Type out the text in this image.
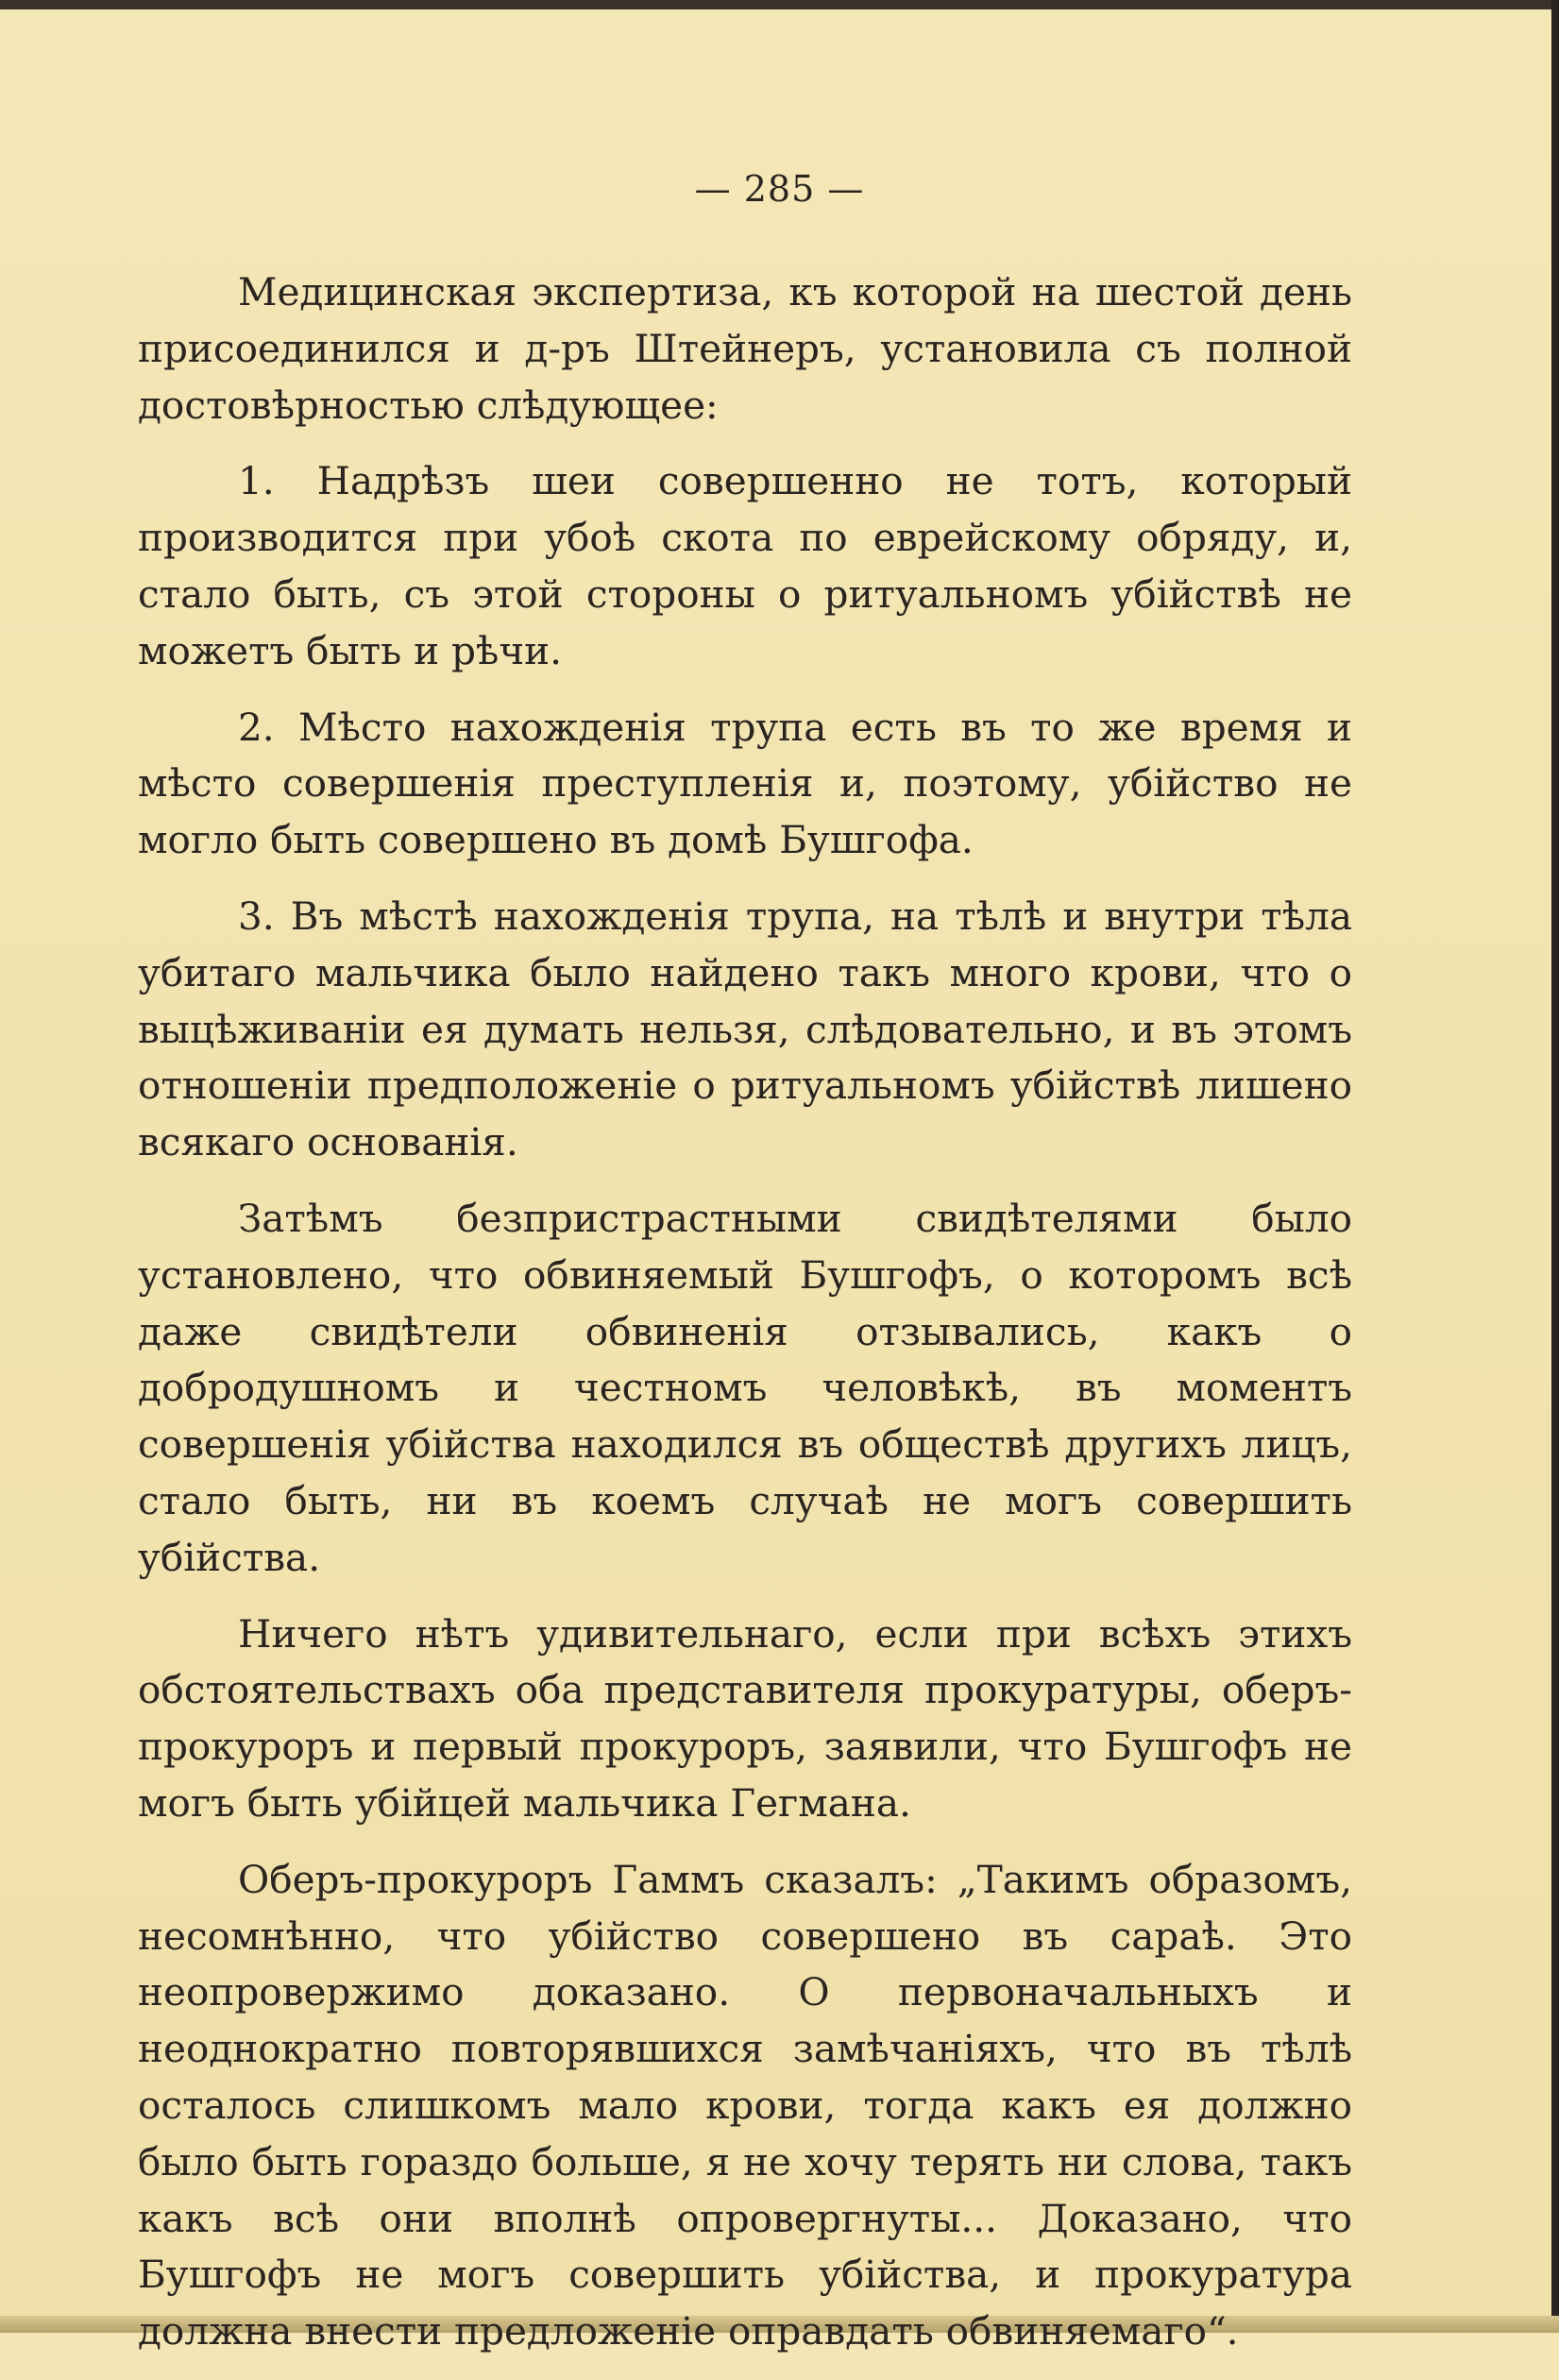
— 285 —

Медицинская экспертиза, къ которой на шестой день присоединился и д-ръ Штейнеръ, установила съ полной достовѣрностью слѣдующее:

1. Надрѣзъ шеи совершенно не тотъ, который производится при убоѣ скота по еврейскому обряду, и, стало быть, съ этой стороны о ритуальномъ убійствѣ не можетъ быть и рѣчи.

2. Мѣсто нахожденія трупа есть въ то же время и мѣсто совершенія преступленія и, поэтому, убійство не могло быть совершено въ домѣ Бушгофа.

3. Въ мѣстѣ нахожденія трупа, на тѣлѣ и внутри тѣла убитаго мальчика было найдено такъ много крови, что о выцѣживаніи ея думать нельзя, слѣдовательно, и въ этомъ отношеніи предположеніе о ритуальномъ убійствѣ лишено всякаго основанія.

Затѣмъ безпристрастными свидѣтелями было установлено, что обвиняемый Бушгофъ, о которомъ всѣ даже свидѣтели обвиненія отзывались, какъ о добродушномъ и честномъ человѣкѣ, въ моментъ совершенія убійства находился въ обществѣ другихъ лицъ, стало быть, ни въ коемъ случаѣ не могъ совершить убійства.

Ничего нѣтъ удивительнаго, если при всѣхъ этихъ обстоятельствахъ оба представителя прокуратуры, оберъ-прокуроръ и первый прокуроръ, заявили, что Бушгофъ не могъ быть убійцей мальчика Гегмана.

Оберъ-прокуроръ Гаммъ сказалъ: „Такимъ образомъ, несомнѣнно, что убійство совершено въ сараѣ. Это неопровержимо доказано. О первоначальныхъ и неоднократно повторявшихся замѣчаніяхъ, что въ тѣлѣ осталось слишкомъ мало крови, тогда какъ ея должно было быть гораздо больше, я не хочу терять ни слова, такъ какъ всѣ они вполнѣ опровергнуты... Доказано, что Бушгофъ не могъ совершить убійства, и прокуратура должна внести предложеніе оправдать обвиняемаго“.
